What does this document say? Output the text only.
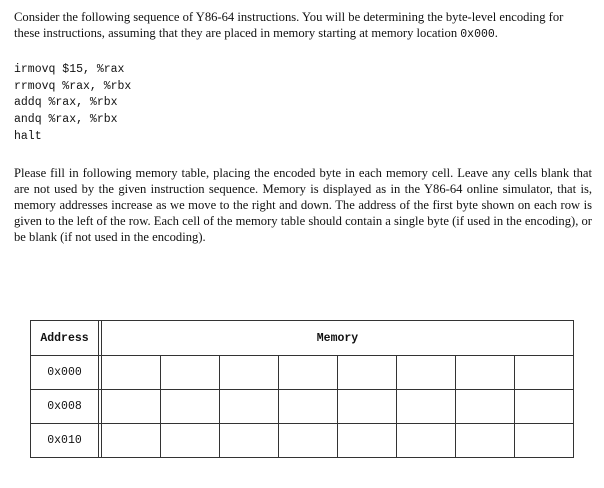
Consider the following sequence of Y86-64 instructions. You will be determining the byte-level encoding for these instructions, assuming that they are placed in memory starting at memory location 0x000.

irmovq $15, %rax
rrmovq %rax, %rbx
addq %rax, %rbx
andq %rax, %rbx
halt

Please fill in following memory table, placing the encoded byte in each memory cell. Leave any cells blank that are not used by the given instruction sequence. Memory is displayed as in the Y86-64 online simulator, that is, memory addresses increase as we move to the right and down. The address of the first byte shown on each row is given to the left of the row. Each cell of the memory table should contain a single byte (if used in the encoding), or be blank (if not used in the encoding).

Address		Memory							
0x000									
0x008									
0x010									
